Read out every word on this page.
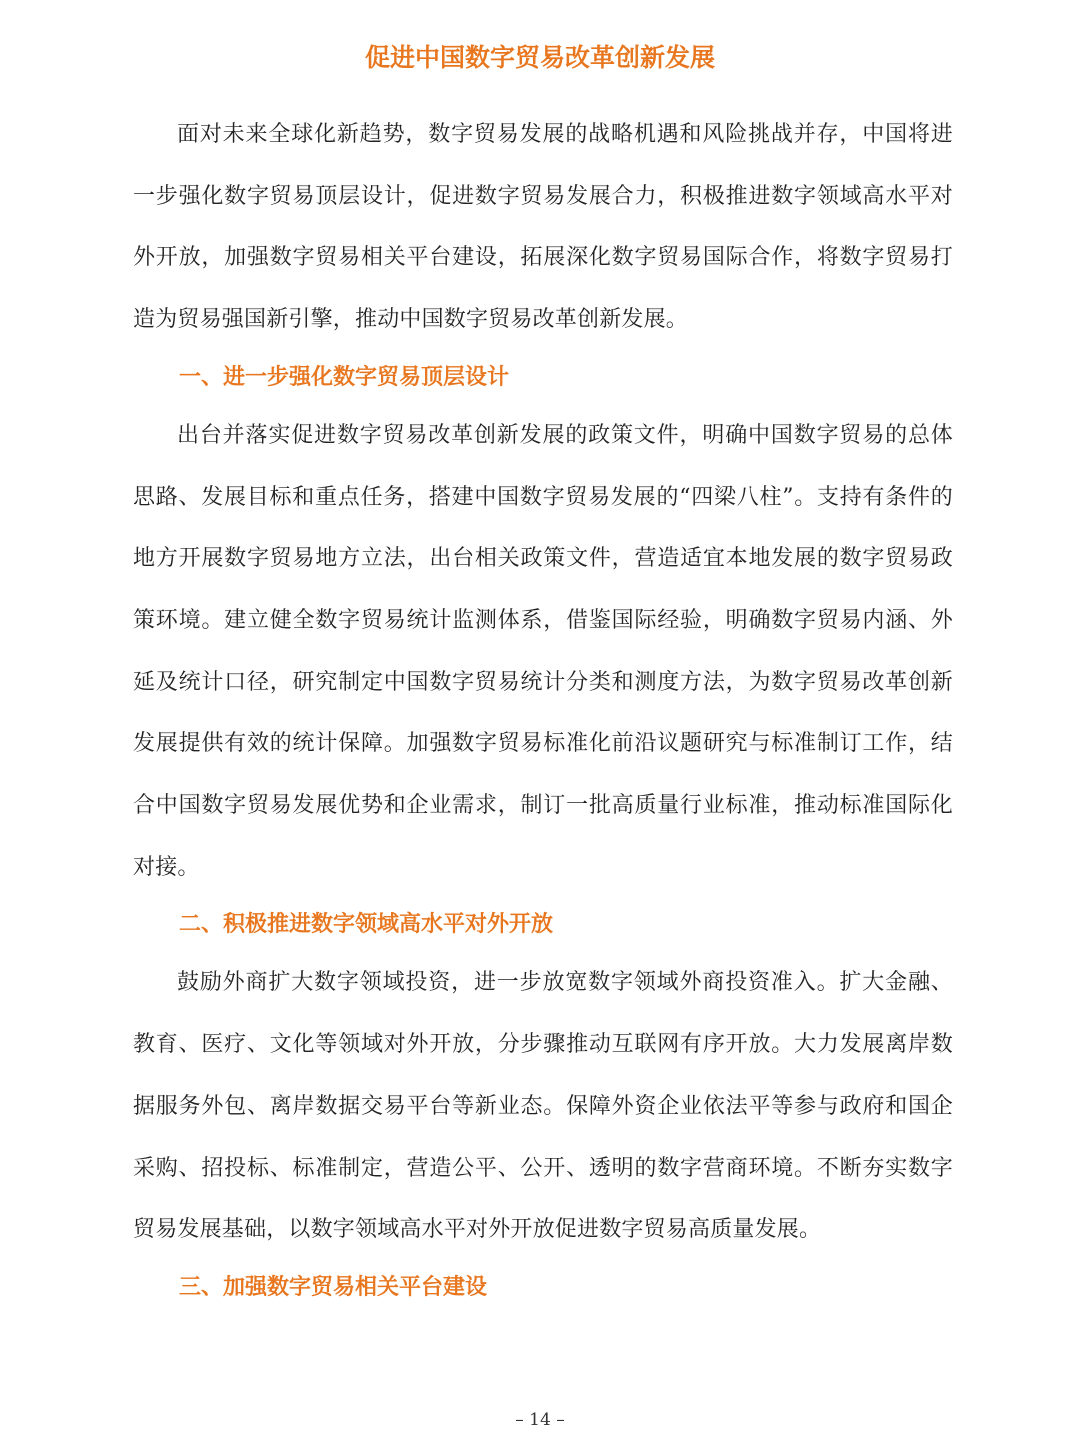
促进中国数字贸易改革创新发展

面对未来全球化新趋势，数字贸易发展的战略机遇和风险挑战并存，中国将进一步强化数字贸易顶层设计，促进数字贸易发展合力，积极推进数字领域高水平对外开放，加强数字贸易相关平台建设，拓展深化数字贸易国际合作，将数字贸易打造为贸易强国新引擎，推动中国数字贸易改革创新发展。

一、进一步强化数字贸易顶层设计

出台并落实促进数字贸易改革创新发展的政策文件，明确中国数字贸易的总体思路、发展目标和重点任务，搭建中国数字贸易发展的“四梁八柱”。支持有条件的地方开展数字贸易地方立法，出台相关政策文件，营造适宜本地发展的数字贸易政策环境。建立健全数字贸易统计监测体系，借鉴国际经验，明确数字贸易内涵、外延及统计口径，研究制定中国数字贸易统计分类和测度方法，为数字贸易改革创新发展提供有效的统计保障。加强数字贸易标准化前沿议题研究与标准制订工作，结合中国数字贸易发展优势和企业需求，制订一批高质量行业标准，推动标准国际化对接。

二、积极推进数字领域高水平对外开放

鼓励外商扩大数字领域投资，进一步放宽数字领域外商投资准入。扩大金融、教育、医疗、文化等领域对外开放，分步骤推动互联网有序开放。大力发展离岸数据服务外包、离岸数据交易平台等新业态。保障外资企业依法平等参与政府和国企采购、招投标、标准制定，营造公平、公开、透明的数字营商环境。不断夯实数字贸易发展基础，以数字领域高水平对外开放促进数字贸易高质量发展。

三、加强数字贸易相关平台建设
– 14 –
